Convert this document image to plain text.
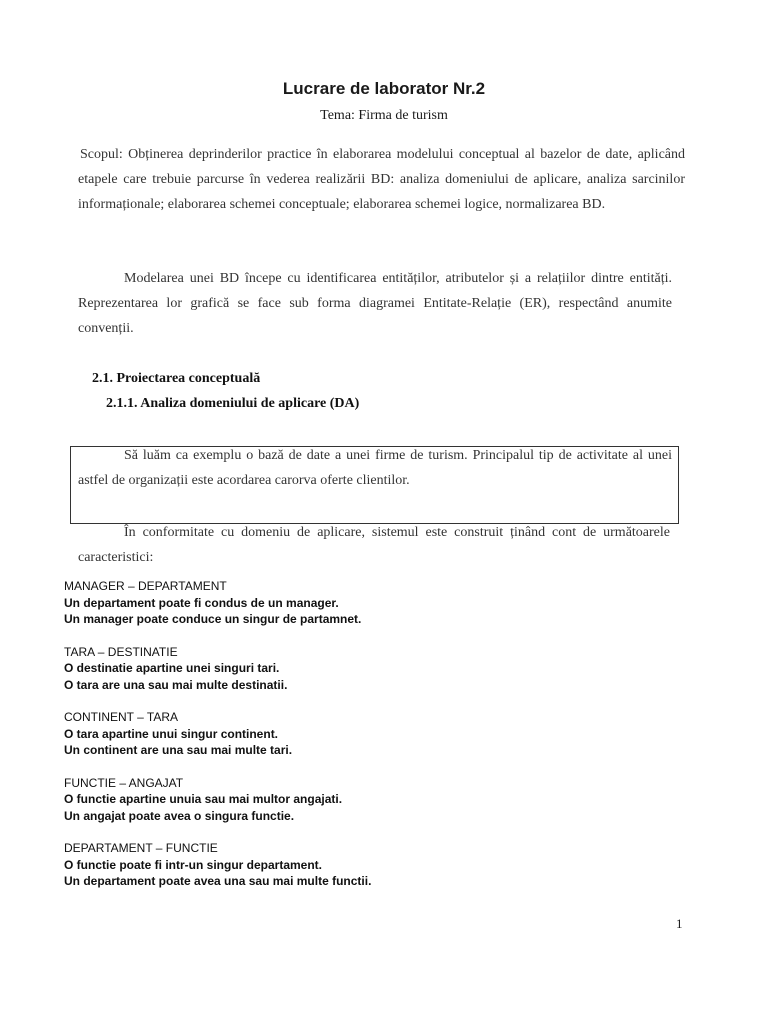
Lucrare de laborator Nr.2
Tema: Firma de turism
Scopul: Obținerea deprinderilor practice în elaborarea modelului conceptual al bazelor de date, aplicând etapele care trebuie parcurse în vederea realizării BD: analiza domeniului de aplicare, analiza sarcinilor informaționale; elaborarea schemei conceptuale; elaborarea schemei logice, normalizarea BD.
Modelarea unei BD începe cu identificarea entităților, atributelor și a relațiilor dintre entități. Reprezentarea lor grafică se face sub forma diagramei Entitate-Relație (ER), respectând anumite convenții.
2.1. Proiectarea conceptuală
2.1.1. Analiza domeniului de aplicare (DA)
Să luăm ca exemplu o bază de date a unei firme de turism. Principalul tip de activitate al unei astfel de organizații este acordarea carorva oferte clientilor.
În conformitate cu domeniu de aplicare, sistemul este construit ținând cont de următoarele caracteristici:
MANAGER – DEPARTAMENT
Un departament poate fi condus de un manager.
Un manager poate conduce un singur de partamnet.
TARA – DESTINATIE
O destinatie apartine unei singuri tari.
O tara are una sau mai multe destinatii.
CONTINENT – TARA
O tara apartine unui singur continent.
Un continent are una sau mai multe tari.
FUNCTIE – ANGAJAT
O functie apartine unuia sau mai multor angajati.
Un angajat poate avea o singura functie.
DEPARTAMENT – FUNCTIE
O functie poate fi intr-un singur departament.
Un departament poate avea una sau mai multe functii.
1
